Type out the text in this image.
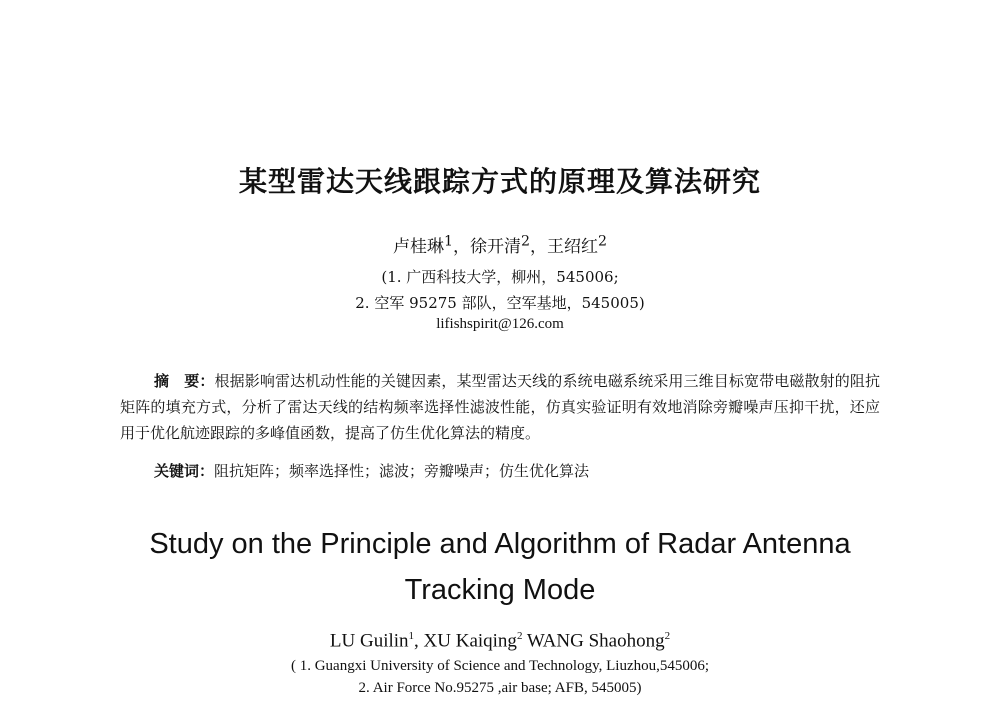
某型雷达天线跟踪方式的原理及算法研究
卢桂琳$^1$，徐开清$^2$，王绍红$^2$
(1. 广西科技大学，柳州，545006;
2. 空军 95275 部队，空军基地，545005)
lifishspirit@126.com
摘　要：根据影响雷达机动性能的关键因素，某型雷达天线的系统电磁系统采用三维目标宽带电磁散射的阻抗矩阵的填充方式，分析了雷达天线的结构频率选择性滤波性能，仿真实验证明有效地消除旁瓣噪声压抑干扰，还应用于优化航迹跟踪的多峰值函数，提高了仿生优化算法的精度。
关键词：阻抗矩阵；频率选择性；滤波；旁瓣噪声；仿生优化算法
Study on the Principle and Algorithm of Radar Antenna
Tracking Mode
LU Guilin$^1$, XU Kaiqing$^2$ WANG Shaohong$^2$
( 1. Guangxi University of Science and Technology, Liuzhou,545006;
2. Air Force No.95275 ,air base; AFB, 545005)
